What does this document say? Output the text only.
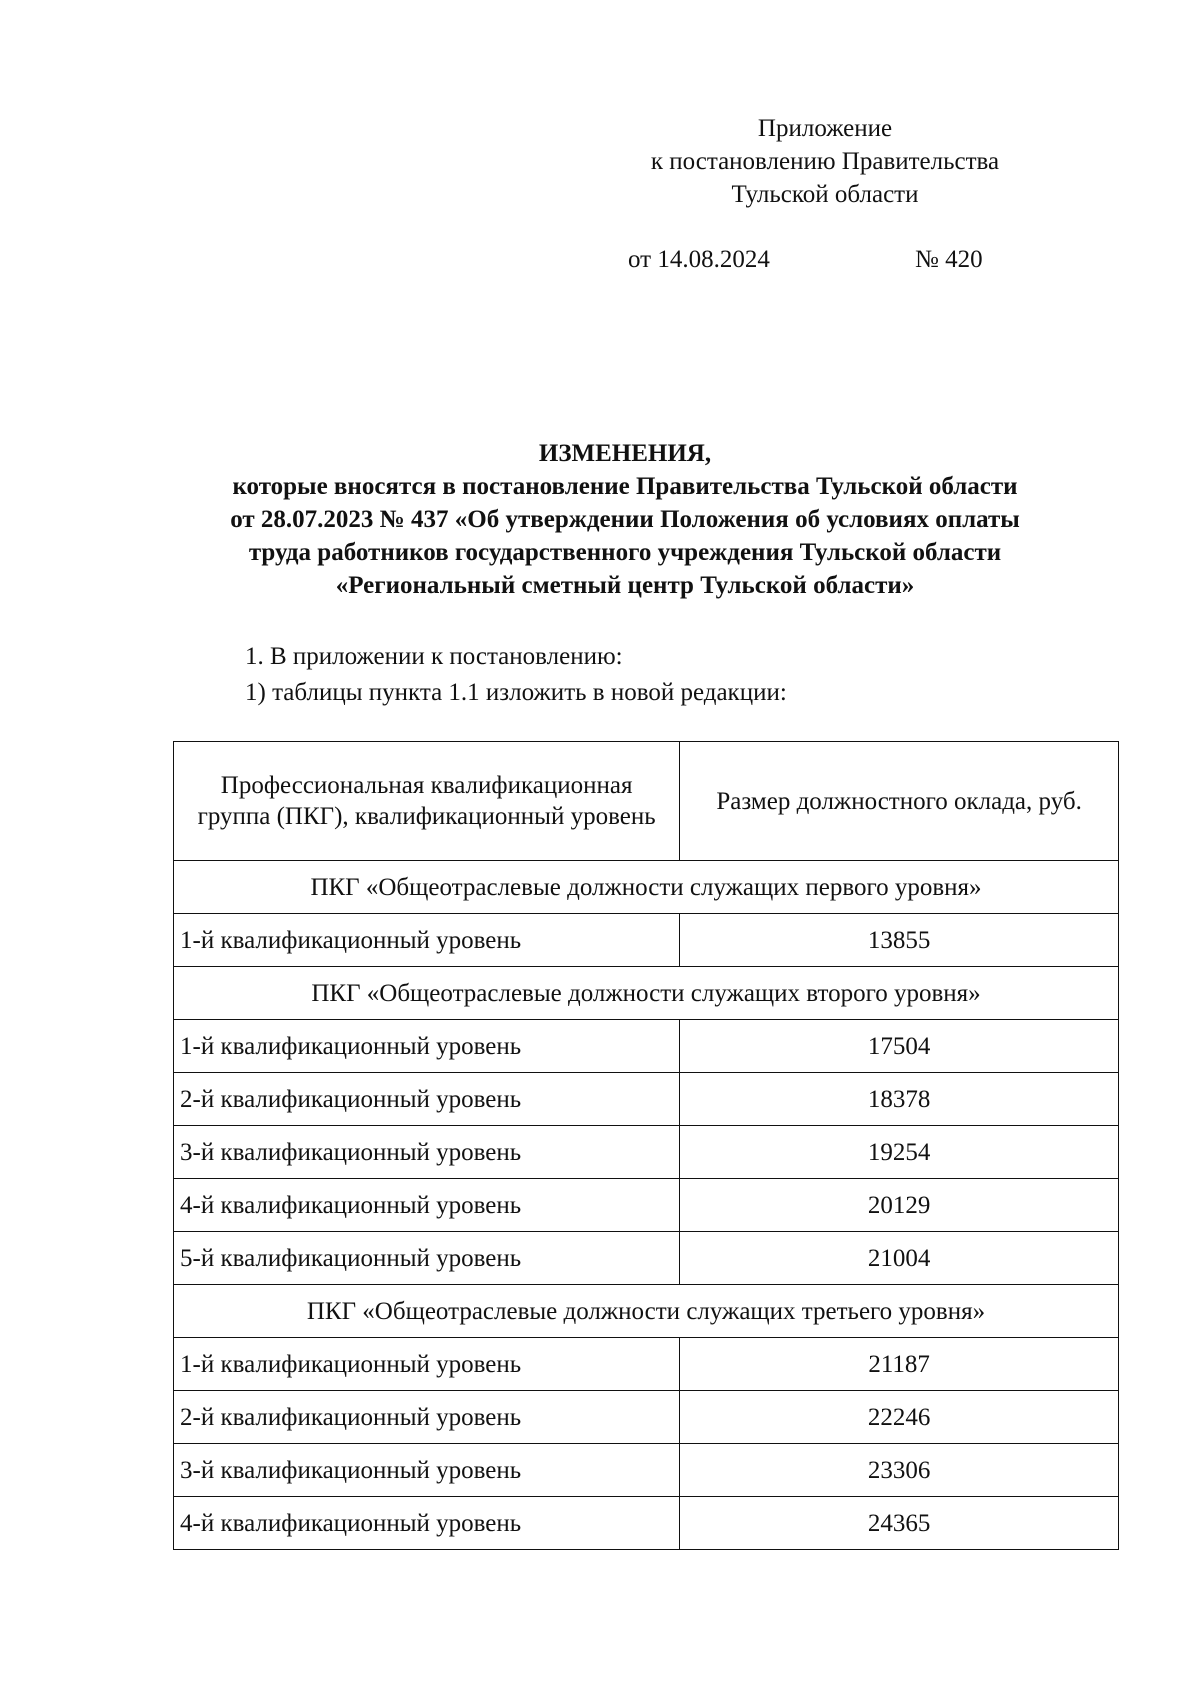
Приложение
к постановлению Правительства
Тульской области
от 14.08.2024	№ 420
ИЗМЕНЕНИЯ,
которые вносятся в постановление Правительства Тульской области
от 28.07.2023 № 437 «Об утверждении Положения об условиях оплаты
труда работников государственного учреждения Тульской области
«Региональный сметный центр Тульской области»
1. В приложении к постановлению:
1) таблицы пункта 1.1 изложить в новой редакции:
Профессиональная квалификационная группа (ПКГ), квалификационный уровень	Размер должностного оклада, руб.
ПКГ «Общеотраслевые должности служащих первого уровня»	
1-й квалификационный уровень	13855
ПКГ «Общеотраслевые должности служащих второго уровня»	
1-й квалификационный уровень	17504
2-й квалификационный уровень	18378
3-й квалификационный уровень	19254
4-й квалификационный уровень	20129
5-й квалификационный уровень	21004
ПКГ «Общеотраслевые должности служащих третьего уровня»	
1-й квалификационный уровень	21187
2-й квалификационный уровень	22246
3-й квалификационный уровень	23306
4-й квалификационный уровень	24365
